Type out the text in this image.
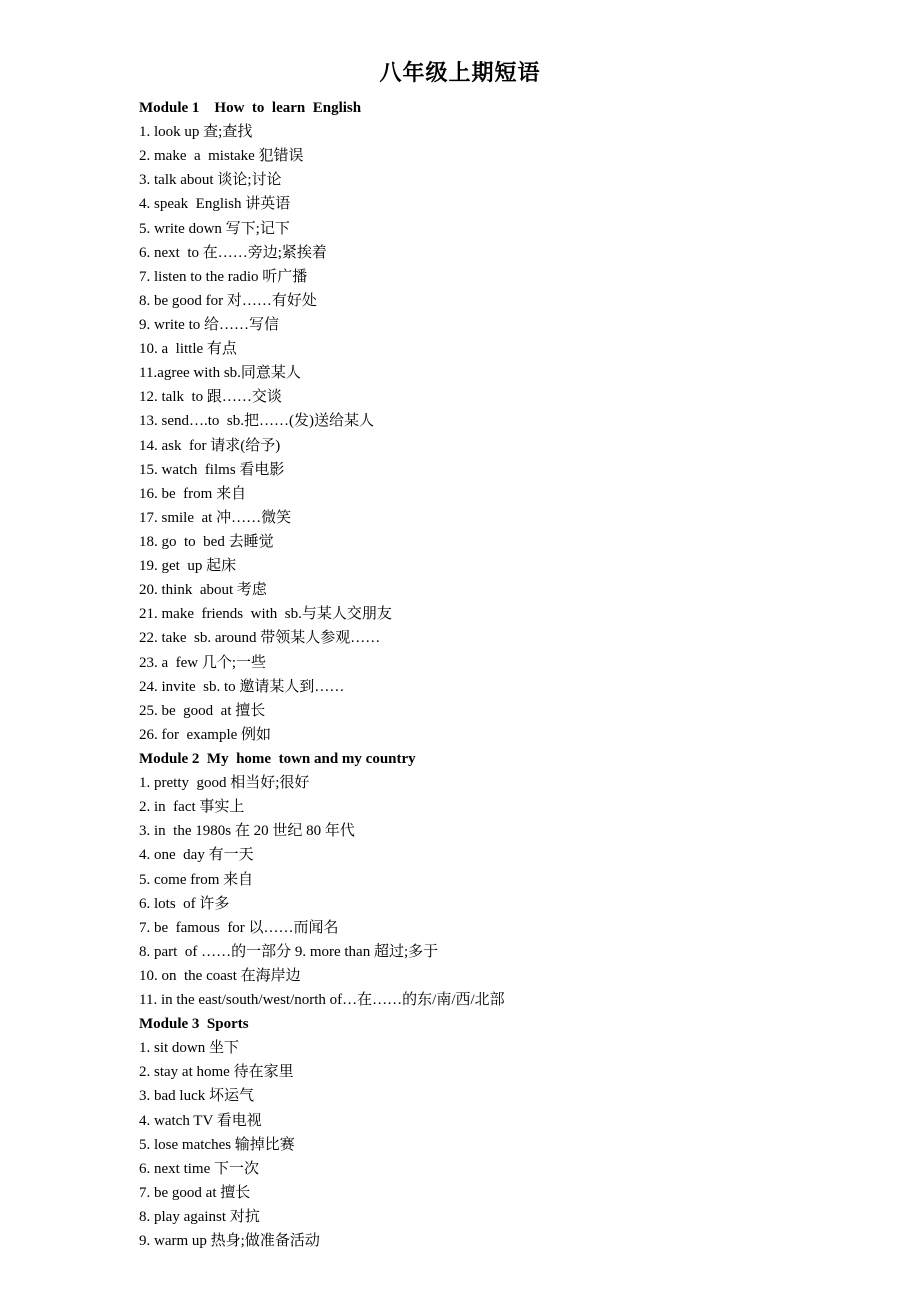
八年级上期短语
Module 1    How  to  learn  English
1. look up 查;查找
2. make  a  mistake 犯错误
3. talk about 谈论;讨论
4. speak  English 讲英语
5. write down 写下;记下
6. next  to 在……旁边;紧挨着
7. listen to the radio 听广播
8. be good for 对……有好处
9. write to 给……写信
10. a  little 有点
11.agree with sb.同意某人
12. talk  to 跟……交谈
13. send….to  sb.把……(发)送给某人
14. ask  for 请求(给予)
15. watch  films 看电影
16. be  from 来自
17. smile  at 冲……微笑
18. go  to  bed 去睡觉
19. get  up 起床
20. think  about 考虑
21. make  friends  with  sb.与某人交朋友
22. take  sb. around 带领某人参观……
23. a  few 几个;一些
24. invite  sb. to 邀请某人到……
25. be  good  at 擅长
26. for  example 例如
Module 2  My  home  town and my country
1. pretty  good 相当好;很好
2. in  fact 事实上
3. in  the 1980s 在 20 世纪 80 年代
4. one  day 有一天
5. come from 来自
6. lots  of 许多
7. be  famous  for 以……而闻名
8. part  of ……的一部分 9. more than 超过;多于
10. on  the coast 在海岸边
11. in the east/south/west/north of…在……的东/南/西/北部
Module 3  Sports
1. sit down 坐下
2. stay at home 待在家里
3. bad luck 坏运气
4. watch TV 看电视
5. lose matches 输掉比赛
6. next time 下一次
7. be good at 擅长
8. play against 对抗
9. warm up 热身;做准备活动
